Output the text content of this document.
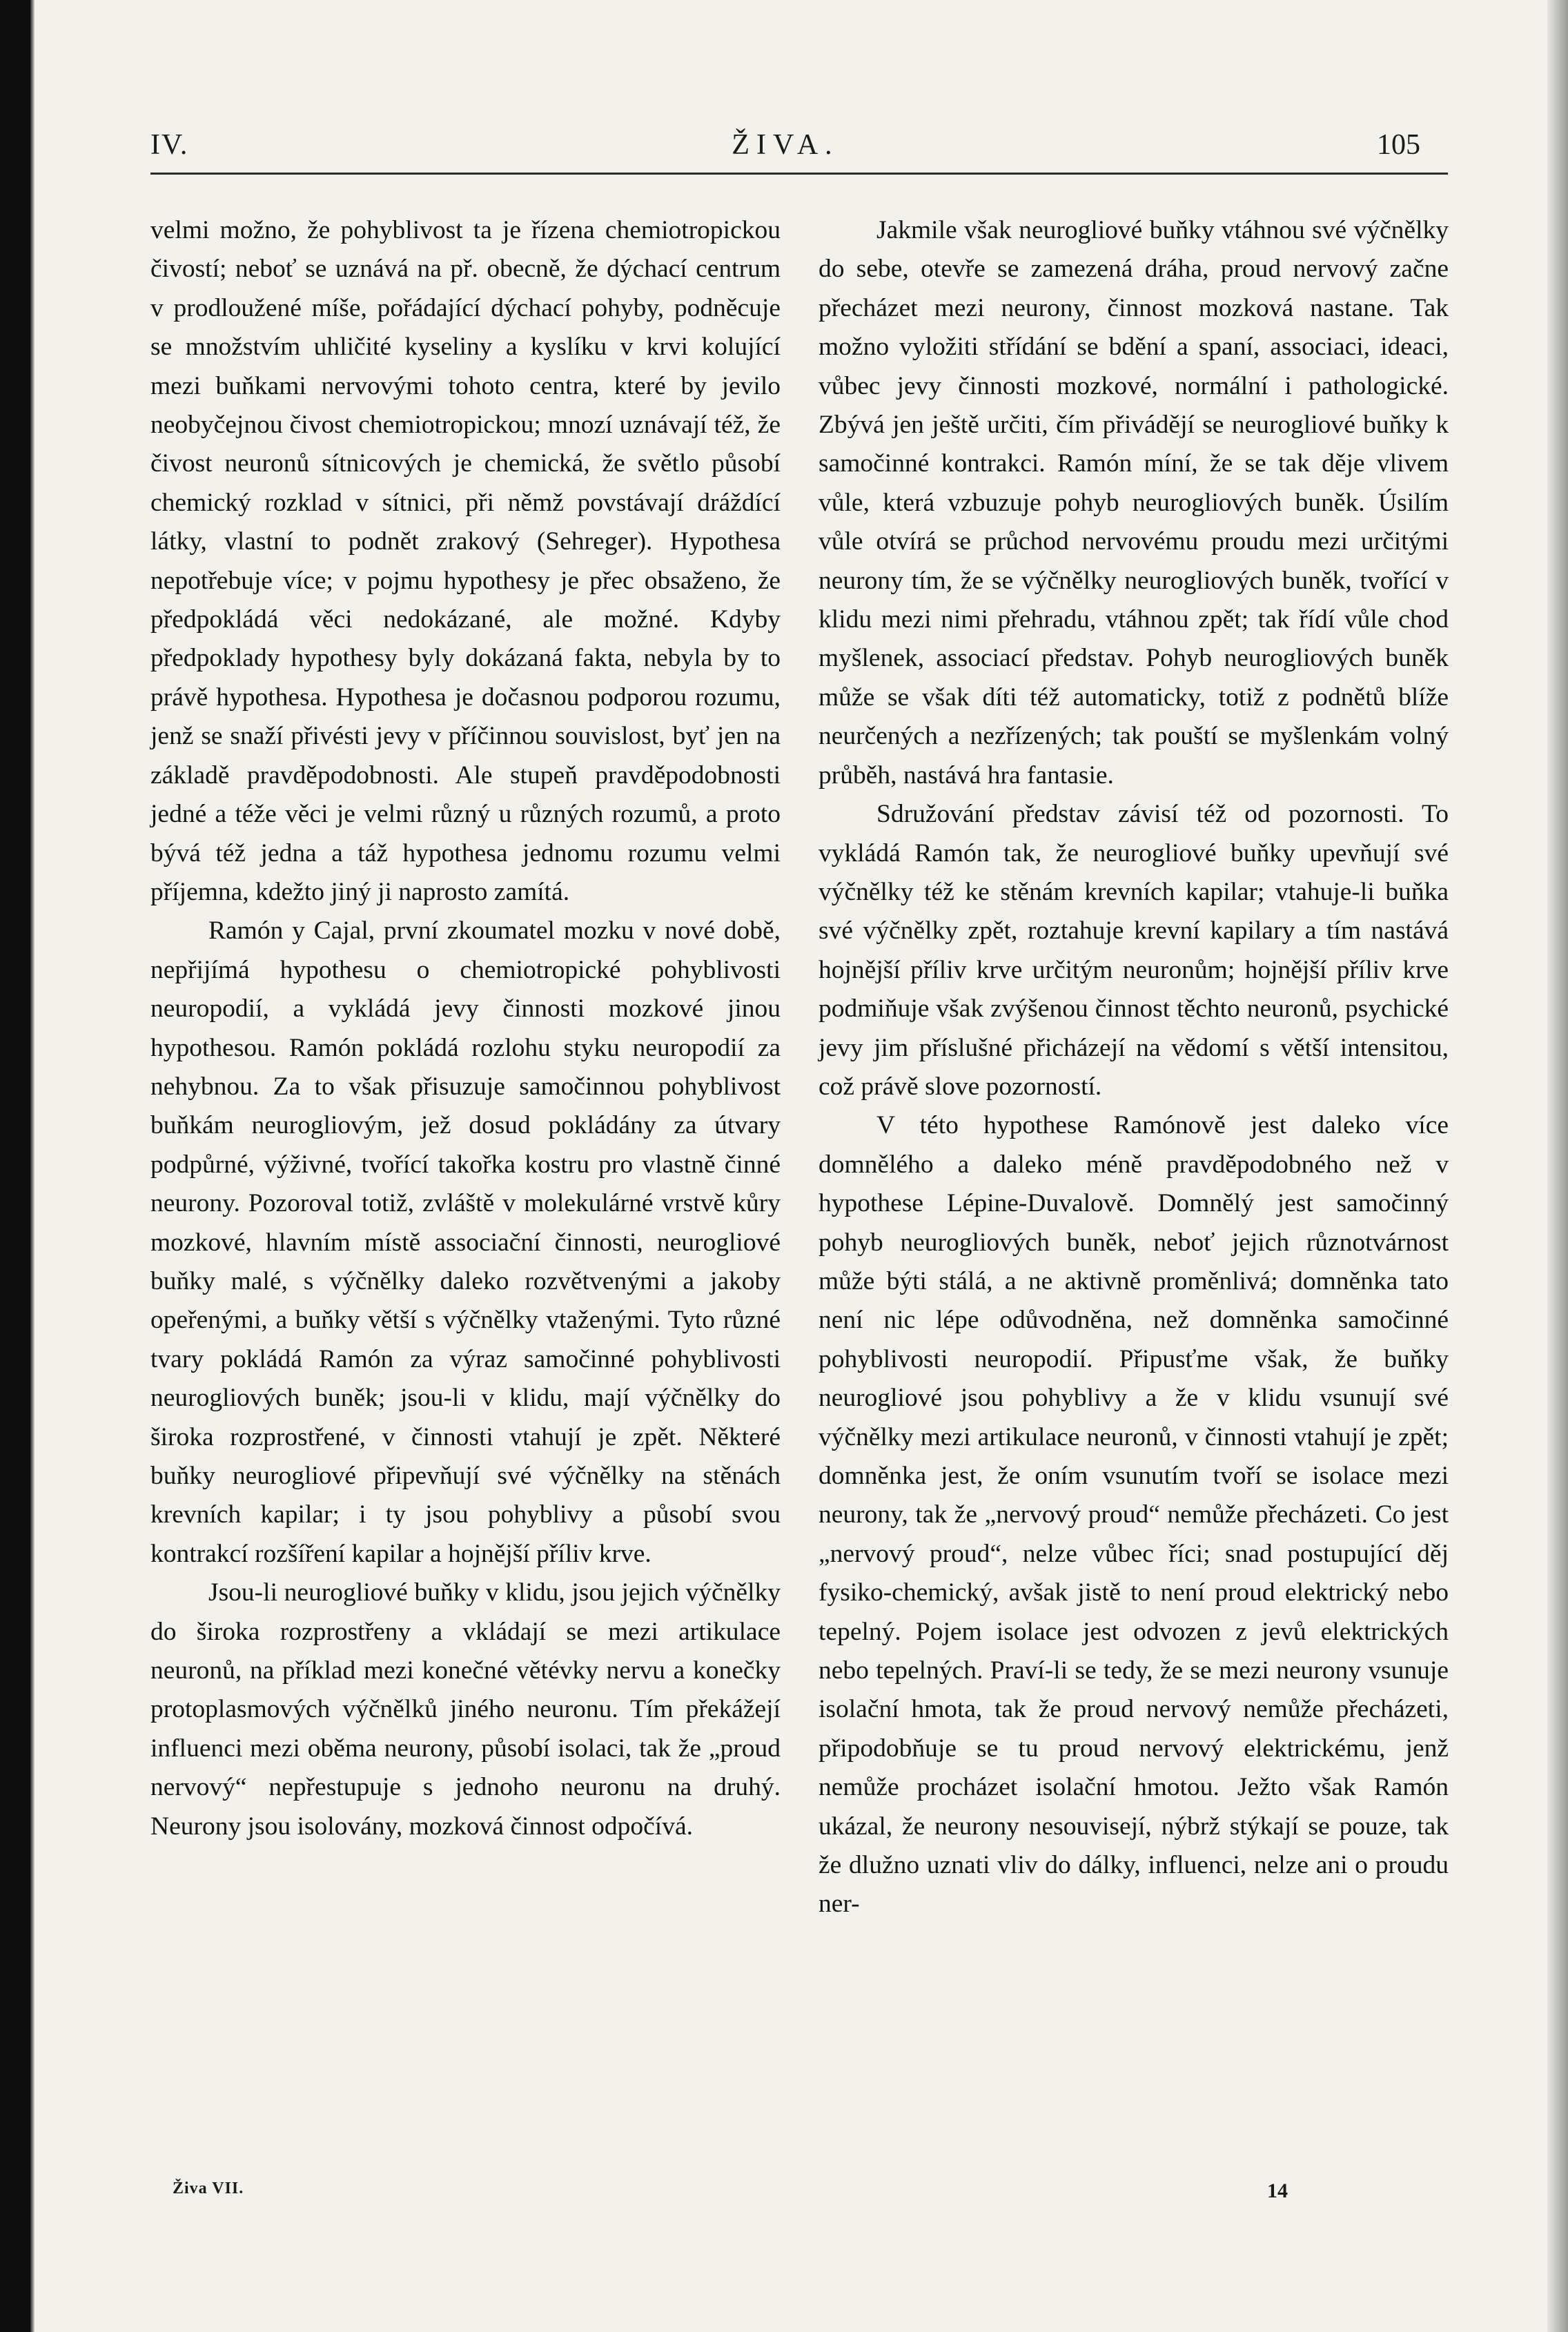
IV.	ŽIVA.	105

velmi možno, že pohyblivost ta je řízena chemiotropickou čivostí; neboť se uznává na př. obecně, že dýchací centrum v prodloužené míše, pořádající dýchací pohyby, podněcuje se množstvím uhličité kyseliny a kyslíku v krvi kolující mezi buňkami nervovými tohoto centra, které by jevilo neobyčejnou čivost chemiotropickou; mnozí uznávají též, že čivost neuronů sítnicových je chemická, že světlo působí chemický rozklad v sítnici, při němž povstávají dráždící látky, vlastní to podnět zrakový (Sehreger). Hypothesa nepotřebuje více; v pojmu hypothesy je přec obsaženo, že předpokládá věci nedokázané, ale možné. Kdyby předpoklady hypothesy byly dokázaná fakta, nebyla by to právě hypothesa. Hypothesa je dočasnou podporou rozumu, jenž se snaží přivésti jevy v příčinnou souvislost, byť jen na základě pravděpodobnosti. Ale stupeň pravděpodobnosti jedné a téže věci je velmi různý u různých rozumů, a proto bývá též jedna a táž hypothesa jednomu rozumu velmi příjemna, kdežto jiný ji naprosto zamítá.

Ramón y Cajal, první zkoumatel mozku v nové době, nepřijímá hypothesu o chemiotropické pohyblivosti neuropodií, a vykládá jevy činnosti mozkové jinou hypothesou. Ramón pokládá rozlohu styku neuropodií za nehybnou. Za to však přisuzuje samočinnou pohyblivost buňkám neurogliovým, jež dosud pokládány za útvary podpůrné, výživné, tvořící takořka kostru pro vlastně činné neurony. Pozoroval totiž, zvláště v molekulárné vrstvě kůry mozkové, hlavním místě associační činnosti, neurogliové buňky malé, s výčnělky daleko rozvětvenými a jakoby opeřenými, a buňky větší s výčnělky vtaženými. Tyto různé tvary pokládá Ramón za výraz samočinné pohyblivosti neurogliových buněk; jsou-li v klidu, mají výčnělky do široka rozprostřené, v činnosti vtahují je zpět. Některé buňky neurogliové připevňují své výčnělky na stěnách krevních kapilar; i ty jsou pohyblivy a působí svou kontrakcí rozšíření kapilar a hojnější příliv krve.

Jsou-li neurogliové buňky v klidu, jsou jejich výčnělky do široka rozprostřeny a vkládají se mezi artikulace neuronů, na příklad mezi konečné větévky nervu a konečky protoplasmových výčnělků jiného neuronu. Tím překážejí influenci mezi oběma neurony, působí isolaci, tak že „proud nervový“ nepřestupuje s jednoho neuronu na druhý. Neurony jsou isolovány, mozková činnost odpočívá.

Jakmile však neurogliové buňky vtáhnou své výčnělky do sebe, otevře se zamezená dráha, proud nervový začne přecházet mezi neurony, činnost mozková nastane. Tak možno vyložiti střídání se bdění a spaní, associaci, ideaci, vůbec jevy činnosti mozkové, normální i pathologické. Zbývá jen ještě určiti, čím přivádějí se neurogliové buňky k samočinné kontrakci. Ramón míní, že se tak děje vlivem vůle, která vzbuzuje pohyb neurogliových buněk. Úsilím vůle otvírá se průchod nervovému proudu mezi určitými neurony tím, že se výčnělky neurogliových buněk, tvořící v klidu mezi nimi přehradu, vtáhnou zpět; tak řídí vůle chod myšlenek, associací představ. Pohyb neurogliových buněk může se však díti též automaticky, totiž z podnětů blíže neurčených a nezřízených; tak pouští se myšlenkám volný průběh, nastává hra fantasie.

Sdružování představ závisí též od pozornosti. To vykládá Ramón tak, že neurogliové buňky upevňují své výčnělky též ke stěnám krevních kapilar; vtahuje-li buňka své výčnělky zpět, roztahuje krevní kapilary a tím nastává hojnější příliv krve určitým neuronům; hojnější příliv krve podmiňuje však zvýšenou činnost těchto neuronů, psychické jevy jim příslušné přicházejí na vědomí s větší intensitou, což právě slove pozorností.

V této hypothese Ramónově jest daleko více domnělého a daleko méně pravděpodobného než v hypothese Lépine-Duvalově. Domnělý jest samočinný pohyb neurogliových buněk, neboť jejich různotvárnost může býti stálá, a ne aktivně proměnlivá; domněnka tato není nic lépe odůvodněna, než domněnka samočinné pohyblivosti neuropodií. Připusťme však, že buňky neurogliové jsou pohyblivy a že v klidu vsunují své výčnělky mezi artikulace neuronů, v činnosti vtahují je zpět; domněnka jest, že oním vsunutím tvoří se isolace mezi neurony, tak že „nervový proud“ nemůže přecházeti. Co jest „nervový proud“, nelze vůbec říci; snad postupující děj fysiko-chemický, avšak jistě to není proud elektrický nebo tepelný. Pojem isolace jest odvozen z jevů elektrických nebo tepelných. Praví-li se tedy, že se mezi neurony vsunuje isolační hmota, tak že proud nervový nemůže přecházeti, připodobňuje se tu proud nervový elektrickému, jenž nemůže procházet isolační hmotou. Ježto však Ramón ukázal, že neurony nesouvisejí, nýbrž stýkají se pouze, tak že dlužno uznati vliv do dálky, influenci, nelze ani o proudu ner-

Živa VII.	14
